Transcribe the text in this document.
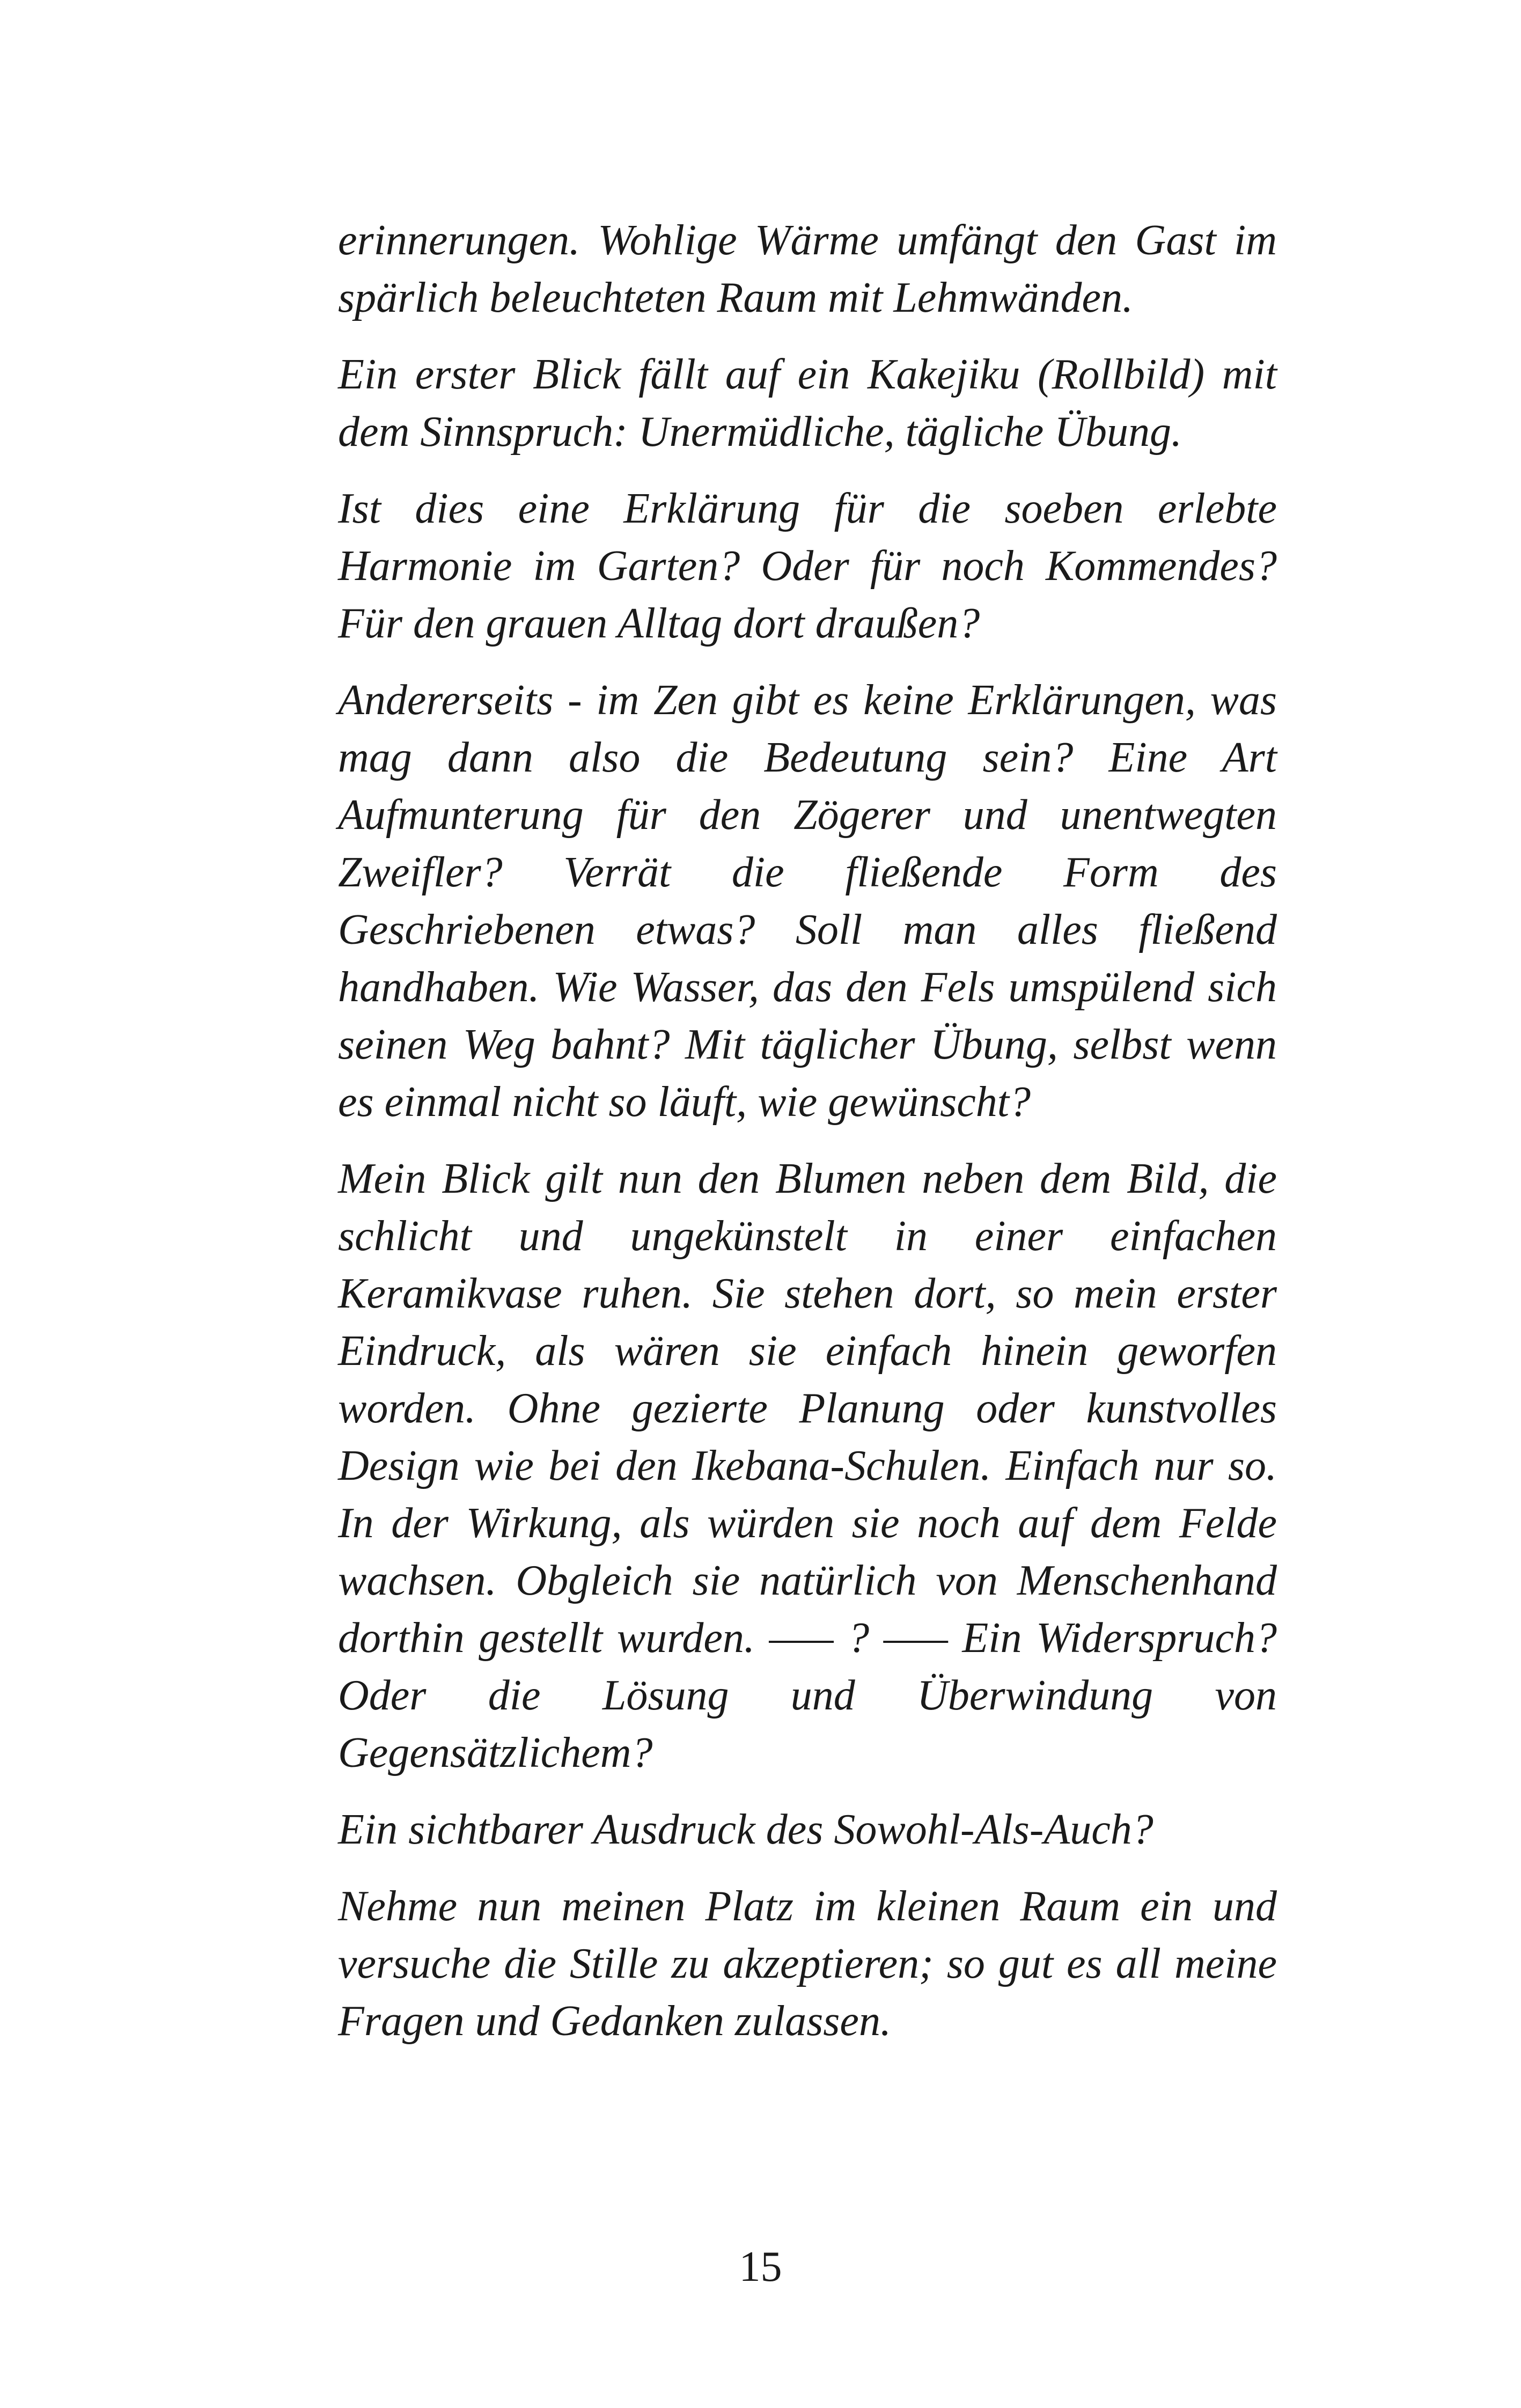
erinnerungen. Wohlige Wärme umfängt den Gast im spärlich beleuchteten Raum mit Lehmwänden.

Ein erster Blick fällt auf ein Kakejiku (Rollbild) mit dem Sinnspruch: Unermüdliche, tägliche Übung.

Ist dies eine Erklärung für die soeben erlebte Harmonie im Garten? Oder für noch Kommendes? Für den grauen Alltag dort draußen?

Andererseits - im Zen gibt es keine Erklärungen, was mag dann also die Bedeutung sein? Eine Art Aufmunterung für den Zögerer und unentwegten Zweifler? Verrät die fließende Form des Geschriebenen etwas? Soll man alles fließend handhaben. Wie Wasser, das den Fels umspülend sich seinen Weg bahnt? Mit täglicher Übung, selbst wenn es einmal nicht so läuft, wie gewünscht?

Mein Blick gilt nun den Blumen neben dem Bild, die schlicht und ungekünstelt in einer einfachen Keramikvase ruhen. Sie stehen dort, so mein erster Eindruck, als wären sie einfach hinein geworfen worden. Ohne gezierte Planung oder kunstvolles Design wie bei den Ikebana-Schulen. Einfach nur so. In der Wirkung, als würden sie noch auf dem Felde wachsen. Obgleich sie natürlich von Menschenhand dorthin gestellt wurden. ––– ? ––– Ein Widerspruch? Oder die Lösung und Überwindung von Gegensätzlichem?

Ein sichtbarer Ausdruck des Sowohl-Als-Auch?

Nehme nun meinen Platz im kleinen Raum ein und versuche die Stille zu akzeptieren; so gut es all meine Fragen und Gedanken zulassen.

15
